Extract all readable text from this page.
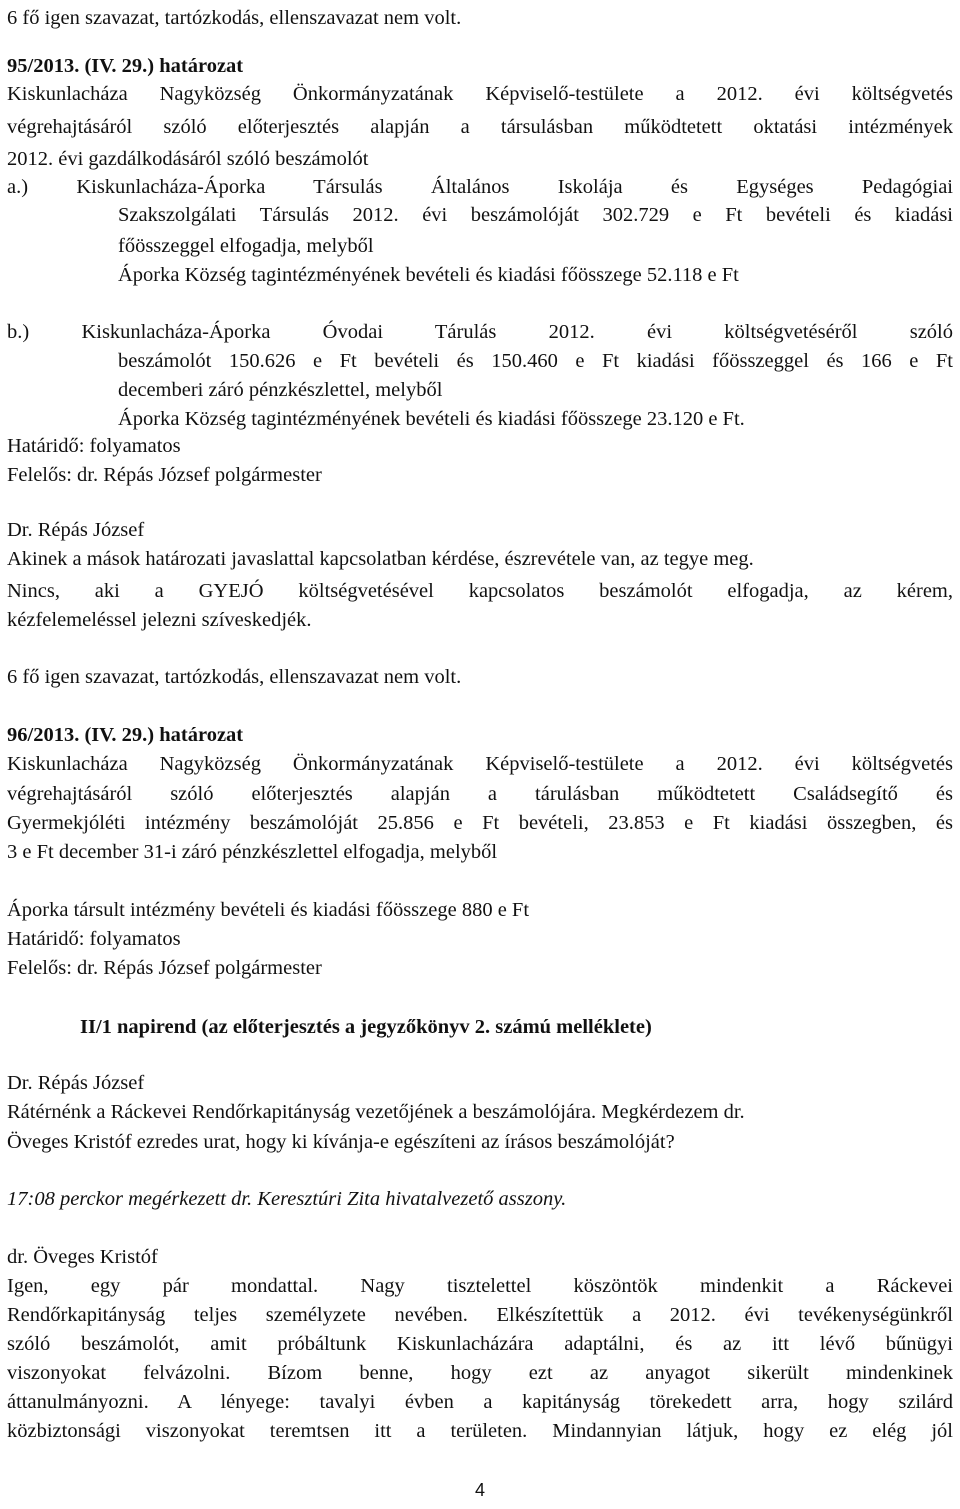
6 fő igen szavazat, tartózkodás, ellenszavazat nem volt.
95/2013. (IV. 29.) határozat
Kiskunlacháza Nagyközség Önkormányzatának Képviselő-testülete a 2012. évi költségvetés
végrehajtásáról szóló előterjesztés alapján a társulásban működtetett oktatási intézmények
2012. évi gazdálkodásáról szóló beszámolót
a.) Kiskunlacháza-Áporka Társulás Általános Iskolája és Egységes Pedagógiai
Szakszolgálati Társulás 2012. évi beszámolóját 302.729 e Ft bevételi és kiadási
főösszeggel elfogadja, melyből
Áporka Község tagintézményének bevételi és kiadási főösszege 52.118 e Ft
b.) Kiskunlacháza-Áporka Óvodai Tárulás 2012. évi költségvetéséről szóló
beszámolót 150.626 e Ft bevételi és 150.460 e Ft kiadási főösszeggel és 166 e Ft
decemberi záró pénzkészlettel, melyből
Áporka Község tagintézményének bevételi és kiadási főösszege 23.120 e Ft.
Határidő: folyamatos
Felelős: dr. Répás József polgármester
Dr. Répás József
Akinek a mások határozati javaslattal kapcsolatban kérdése, észrevétele van, az tegye meg.
Nincs, aki a GYEJÓ költségvetésével kapcsolatos beszámolót elfogadja, az kérem,
kézfelemeléssel jelezni szíveskedjék.
6 fő igen szavazat, tartózkodás, ellenszavazat nem volt.
96/2013. (IV. 29.) határozat
Kiskunlacháza Nagyközség Önkormányzatának Képviselő-testülete a 2012. évi költségvetés
végrehajtásáról szóló előterjesztés alapján a tárulásban működtetett Családsegítő és
Gyermekjóléti intézmény beszámolóját 25.856 e Ft bevételi, 23.853 e Ft kiadási összegben, és
3 e Ft december 31-i záró pénzkészlettel elfogadja, melyből
Áporka társult intézmény bevételi és kiadási főösszege 880 e Ft
Határidő: folyamatos
Felelős: dr. Répás József polgármester
II/1 napirend (az előterjesztés a jegyzőkönyv 2. számú melléklete)
Dr. Répás József
Rátérnénk a Ráckevei Rendőrkapitányság vezetőjének a beszámolójára. Megkérdezem dr.
Öveges Kristóf ezredes urat, hogy ki kívánja-e egészíteni az írásos beszámolóját?
17:08 perckor megérkezett dr. Keresztúri Zita hivatalvezető asszony.
dr. Öveges Kristóf
Igen, egy pár mondattal. Nagy tisztelettel köszöntök mindenkit a Ráckevei
Rendőrkapitányság teljes személyzete nevében. Elkészítettük a 2012. évi tevékenységünkről
szóló beszámolót, amit próbáltunk Kiskunlacházára adaptálni, és az itt lévő bűnügyi
viszonyokat felvázolni. Bízom benne, hogy ezt az anyagot sikerült mindenkinek
áttanulmányozni. A lényege: tavalyi évben a kapitányság törekedett arra, hogy szilárd
közbiztonsági viszonyokat teremtsen itt a területen. Mindannyian látjuk, hogy ez elég jól
4
